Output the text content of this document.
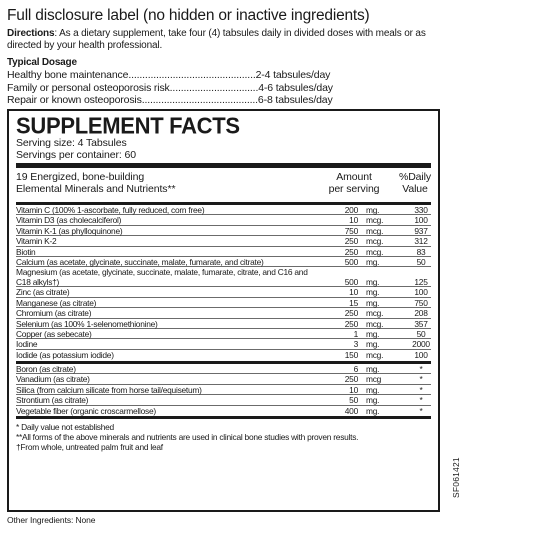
Full disclosure label (no hidden or inactive ingredients)
Directions: As a dietary supplement, take four (4) tabsules daily in divided doses with meals or as directed by your health professional.
Typical Dosage
Healthy bone maintenance..............................................2-4 tabsules/day
Family or personal osteoporosis risk................................4-6 tabsules/day
Repair or known osteoporosis..........................................6-8 tabsules/day
SUPPLEMENT FACTS
Serving size: 4 Tabsules
Servings per container: 60
19 Energized, bone-building
Elemental Minerals and Nutrients**
Amount
per serving
%Daily
Value
Vitamin C (100% 1-ascorbate, fully reduced, corn free)	200 mg.	330
Vitamin D3 (as cholecalciferol)	10 mcg.	100
Vitamin K-1 (as phylloquinone)	750 mcg.	937
Vitamin K-2	250 mcg.	312
Biotin	250 mcg.	83
Calcium (as acetate, glycinate, succinate, malate, fumarate, and citrate)	500 mg.	50
Magnesium (as acetate, glycinate, succinate, malate, fumarate, citrate, and C16 and C18 alkyls†)	500 mg.	125
Zinc (as citrate)	10 mg.	100
Manganese (as citrate)	15 mg.	750
Chromium (as citrate)	250 mcg.	208
Selenium (as 100% 1-selenomethionine)	250 mcg.	357
Copper (as sebecate)	1 mg.	50
Iodine	3 mg.	2000
Iodide (as potassium iodide)	150 mcg.	100
Boron (as citrate)	6 mg.	*
Vanadium (as citrate)	250 mcg	*
Silica (from calcium silicate from horse tail/equisetum)	10 mg.	*
Strontium (as citrate)	50 mg.	*
Vegetable fiber (organic croscarmellose)	400 mg.	*
* Daily value not established
**All forms of the above minerals and nutrients are used in clinical bone studies with proven results.
†From whole, untreated palm fruit and leaf
SF061421
Other Ingredients: None
